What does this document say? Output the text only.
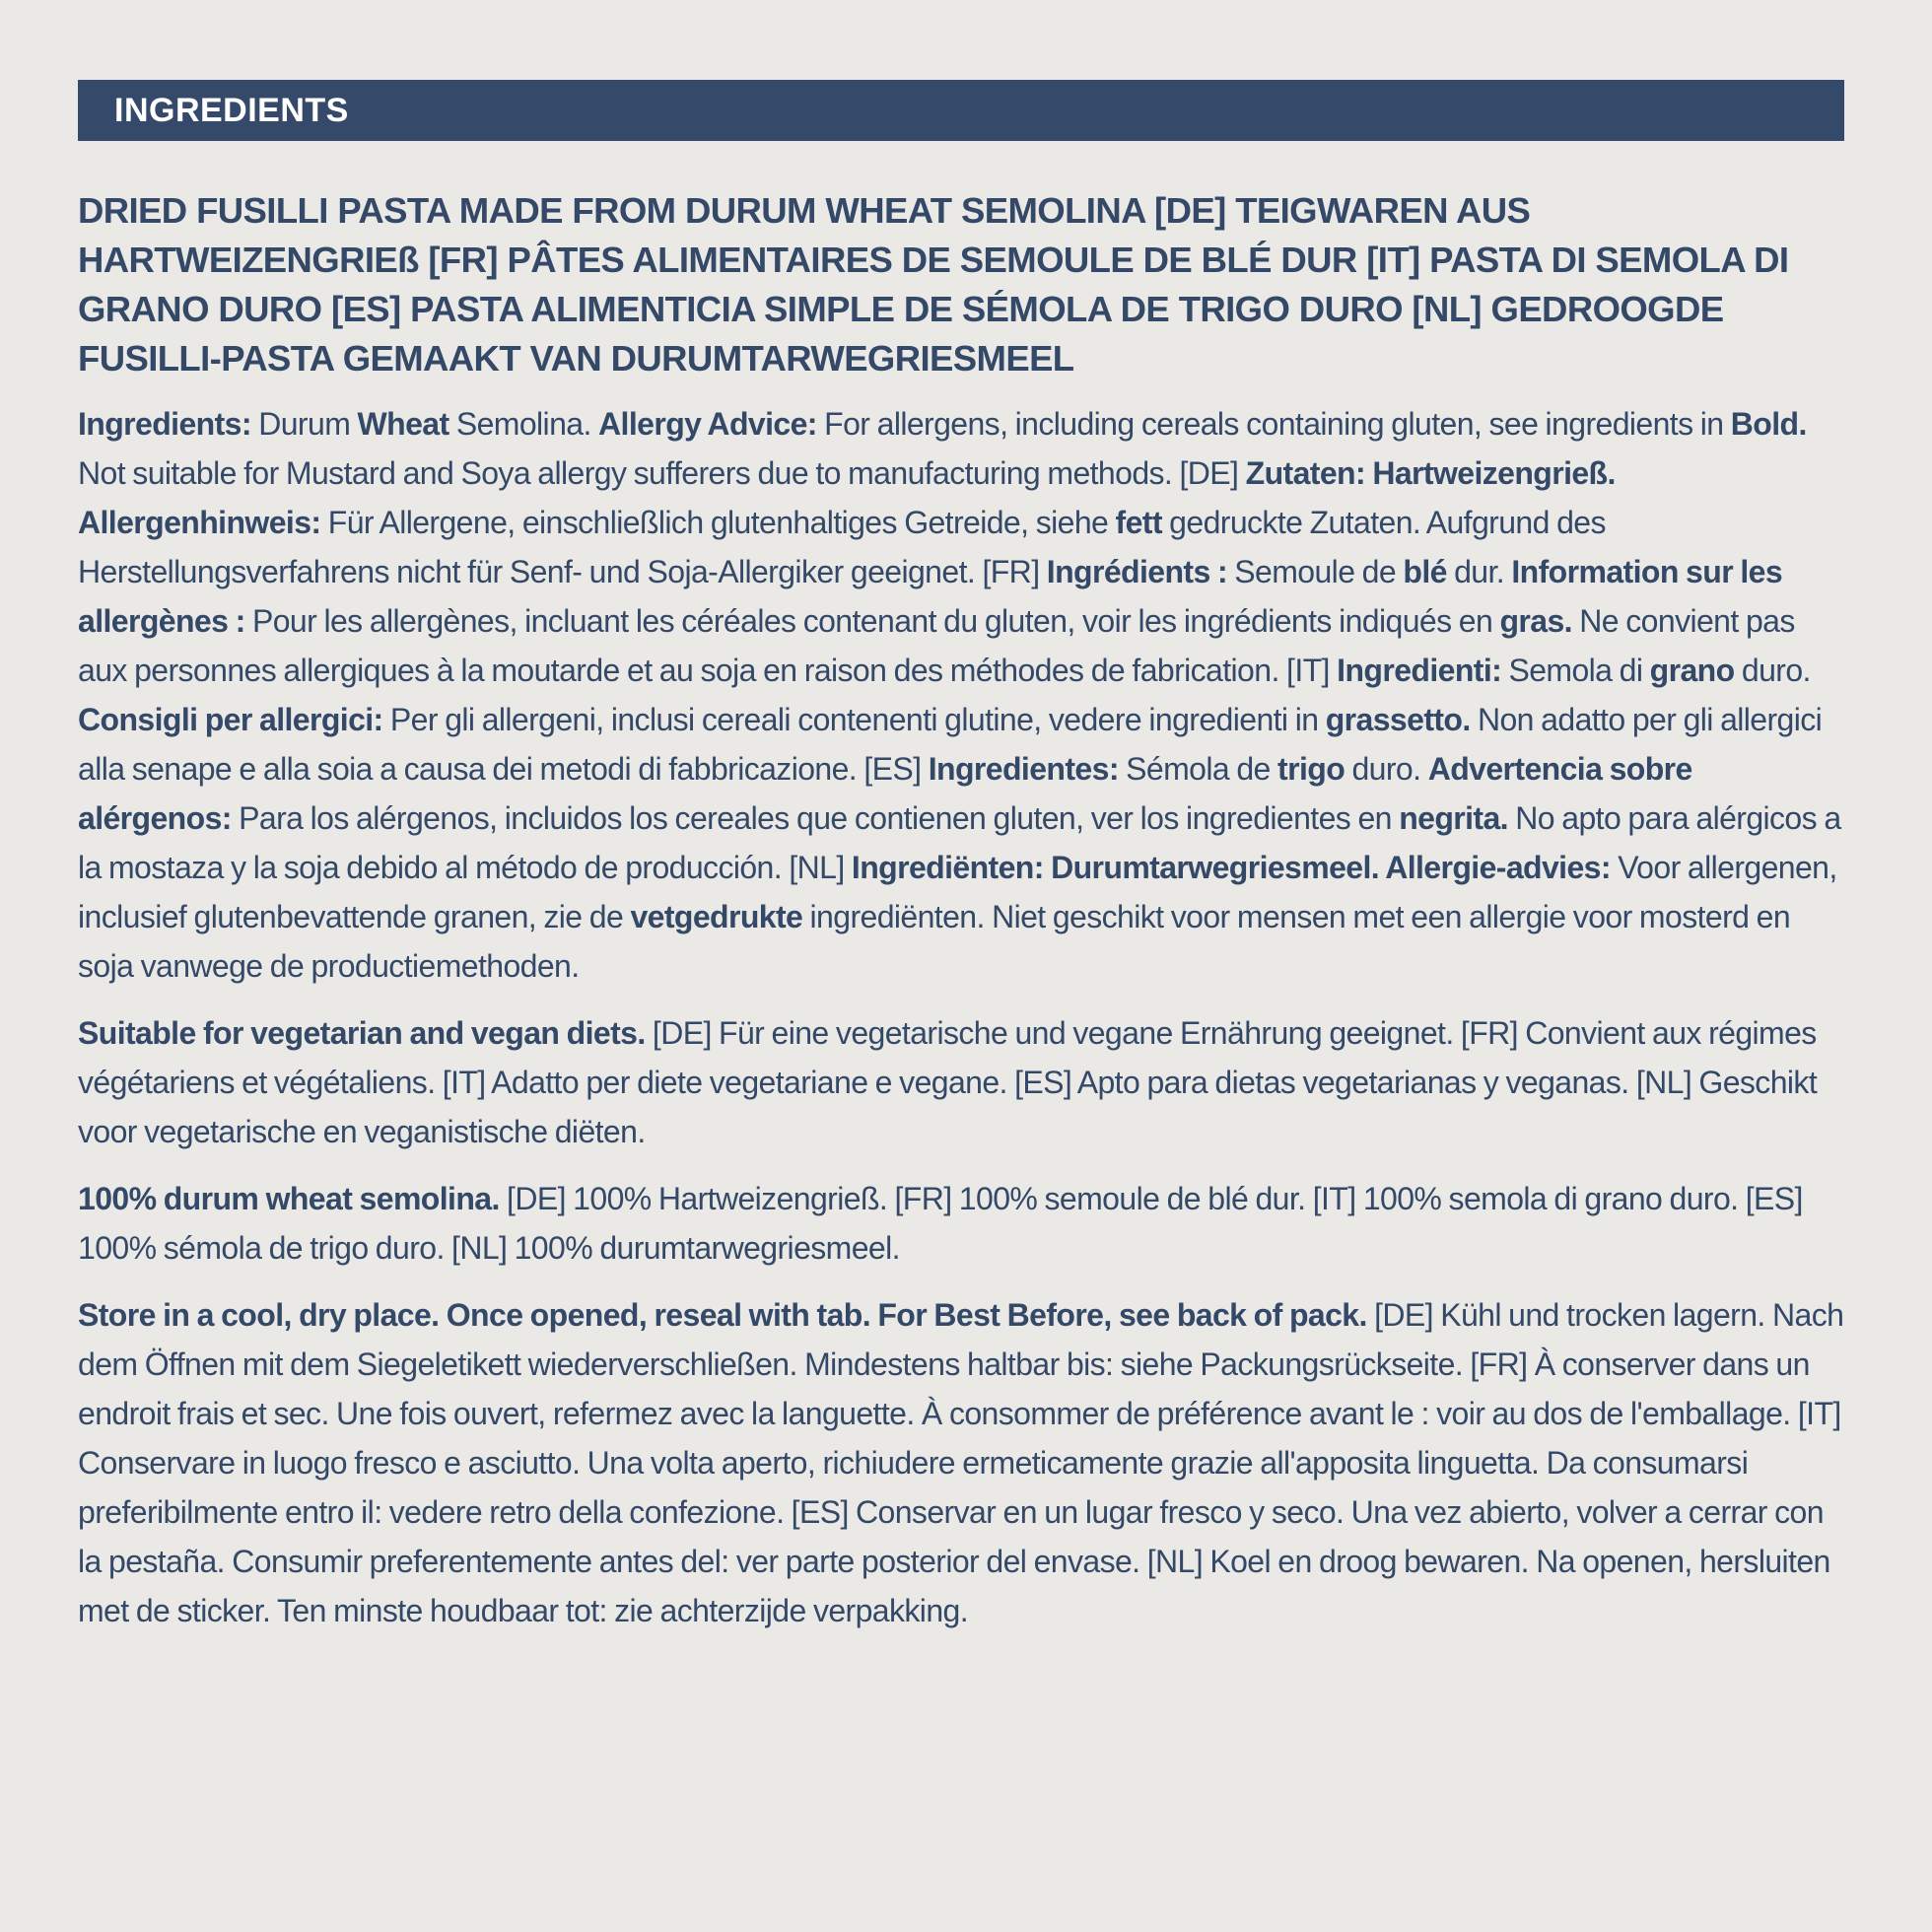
INGREDIENTS
DRIED FUSILLI PASTA MADE FROM DURUM WHEAT SEMOLINA [DE] TEIGWAREN AUS HARTWEIZENGRIEß [FR] PÂTES ALIMENTAIRES DE SEMOULE DE BLÉ DUR [IT] PASTA DI SEMOLA DI GRANO DURO [ES] PASTA ALIMENTICIA SIMPLE DE SÉMOLA DE TRIGO DURO [NL] GEDROOGDE FUSILLI-PASTA GEMAAKT VAN DURUMTARWEGRIESMEEL
Ingredients: Durum Wheat Semolina. Allergy Advice: For allergens, including cereals containing gluten, see ingredients in Bold. Not suitable for Mustard and Soya allergy sufferers due to manufacturing methods. [DE] Zutaten: Hartweizengrieß. Allergenhinweis: Für Allergene, einschließlich glutenhaltiges Getreide, siehe fett gedruckte Zutaten. Aufgrund des Herstellungsverfahrens nicht für Senf- und Soja-Allergiker geeignet. [FR] Ingrédients : Semoule de blé dur. Information sur les allergènes : Pour les allergènes, incluant les céréales contenant du gluten, voir les ingrédients indiqués en gras. Ne convient pas aux personnes allergiques à la moutarde et au soja en raison des méthodes de fabrication. [IT] Ingredienti: Semola di grano duro. Consigli per allergici: Per gli allergeni, inclusi cereali contenenti glutine, vedere ingredienti in grassetto. Non adatto per gli allergici alla senape e alla soia a causa dei metodi di fabbricazione. [ES] Ingredientes: Sémola de trigo duro. Advertencia sobre alérgenos: Para los alérgenos, incluidos los cereales que contienen gluten, ver los ingredientes en negrita. No apto para alérgicos a la mostaza y la soja debido al método de producción. [NL] Ingrediënten: Durumtarwegriesmeel. Allergie-advies: Voor allergenen, inclusief glutenbevattende granen, zie de vetgedrukte ingrediënten. Niet geschikt voor mensen met een allergie voor mosterd en soja vanwege de productiemethoden.
Suitable for vegetarian and vegan diets. [DE] Für eine vegetarische und vegane Ernährung geeignet. [FR] Convient aux régimes végétariens et végétaliens. [IT] Adatto per diete vegetariane e vegane. [ES] Apto para dietas vegetarianas y veganas. [NL] Geschikt voor vegetarische en veganistische diëten.
100% durum wheat semolina. [DE] 100% Hartweizengrieß. [FR] 100% semoule de blé dur. [IT] 100% semola di grano duro. [ES] 100% sémola de trigo duro. [NL] 100% durumtarwegriesmeel.
Store in a cool, dry place. Once opened, reseal with tab. For Best Before, see back of pack. [DE] Kühl und trocken lagern. Nach dem Öffnen mit dem Siegeletikett wiederverschließen. Mindestens haltbar bis: siehe Packungsrückseite. [FR] À conserver dans un endroit frais et sec. Une fois ouvert, refermez avec la languette. À consommer de préférence avant le : voir au dos de l'emballage. [IT] Conservare in luogo fresco e asciutto. Una volta aperto, richiudere ermeticamente grazie all'apposita linguetta. Da consumarsi preferibilmente entro il: vedere retro della confezione. [ES] Conservar en un lugar fresco y seco. Una vez abierto, volver a cerrar con la pestaña. Consumir preferentemente antes del: ver parte posterior del envase. [NL] Koel en droog bewaren. Na openen, hersluiten met de sticker. Ten minste houdbaar tot: zie achterzijde verpakking.
